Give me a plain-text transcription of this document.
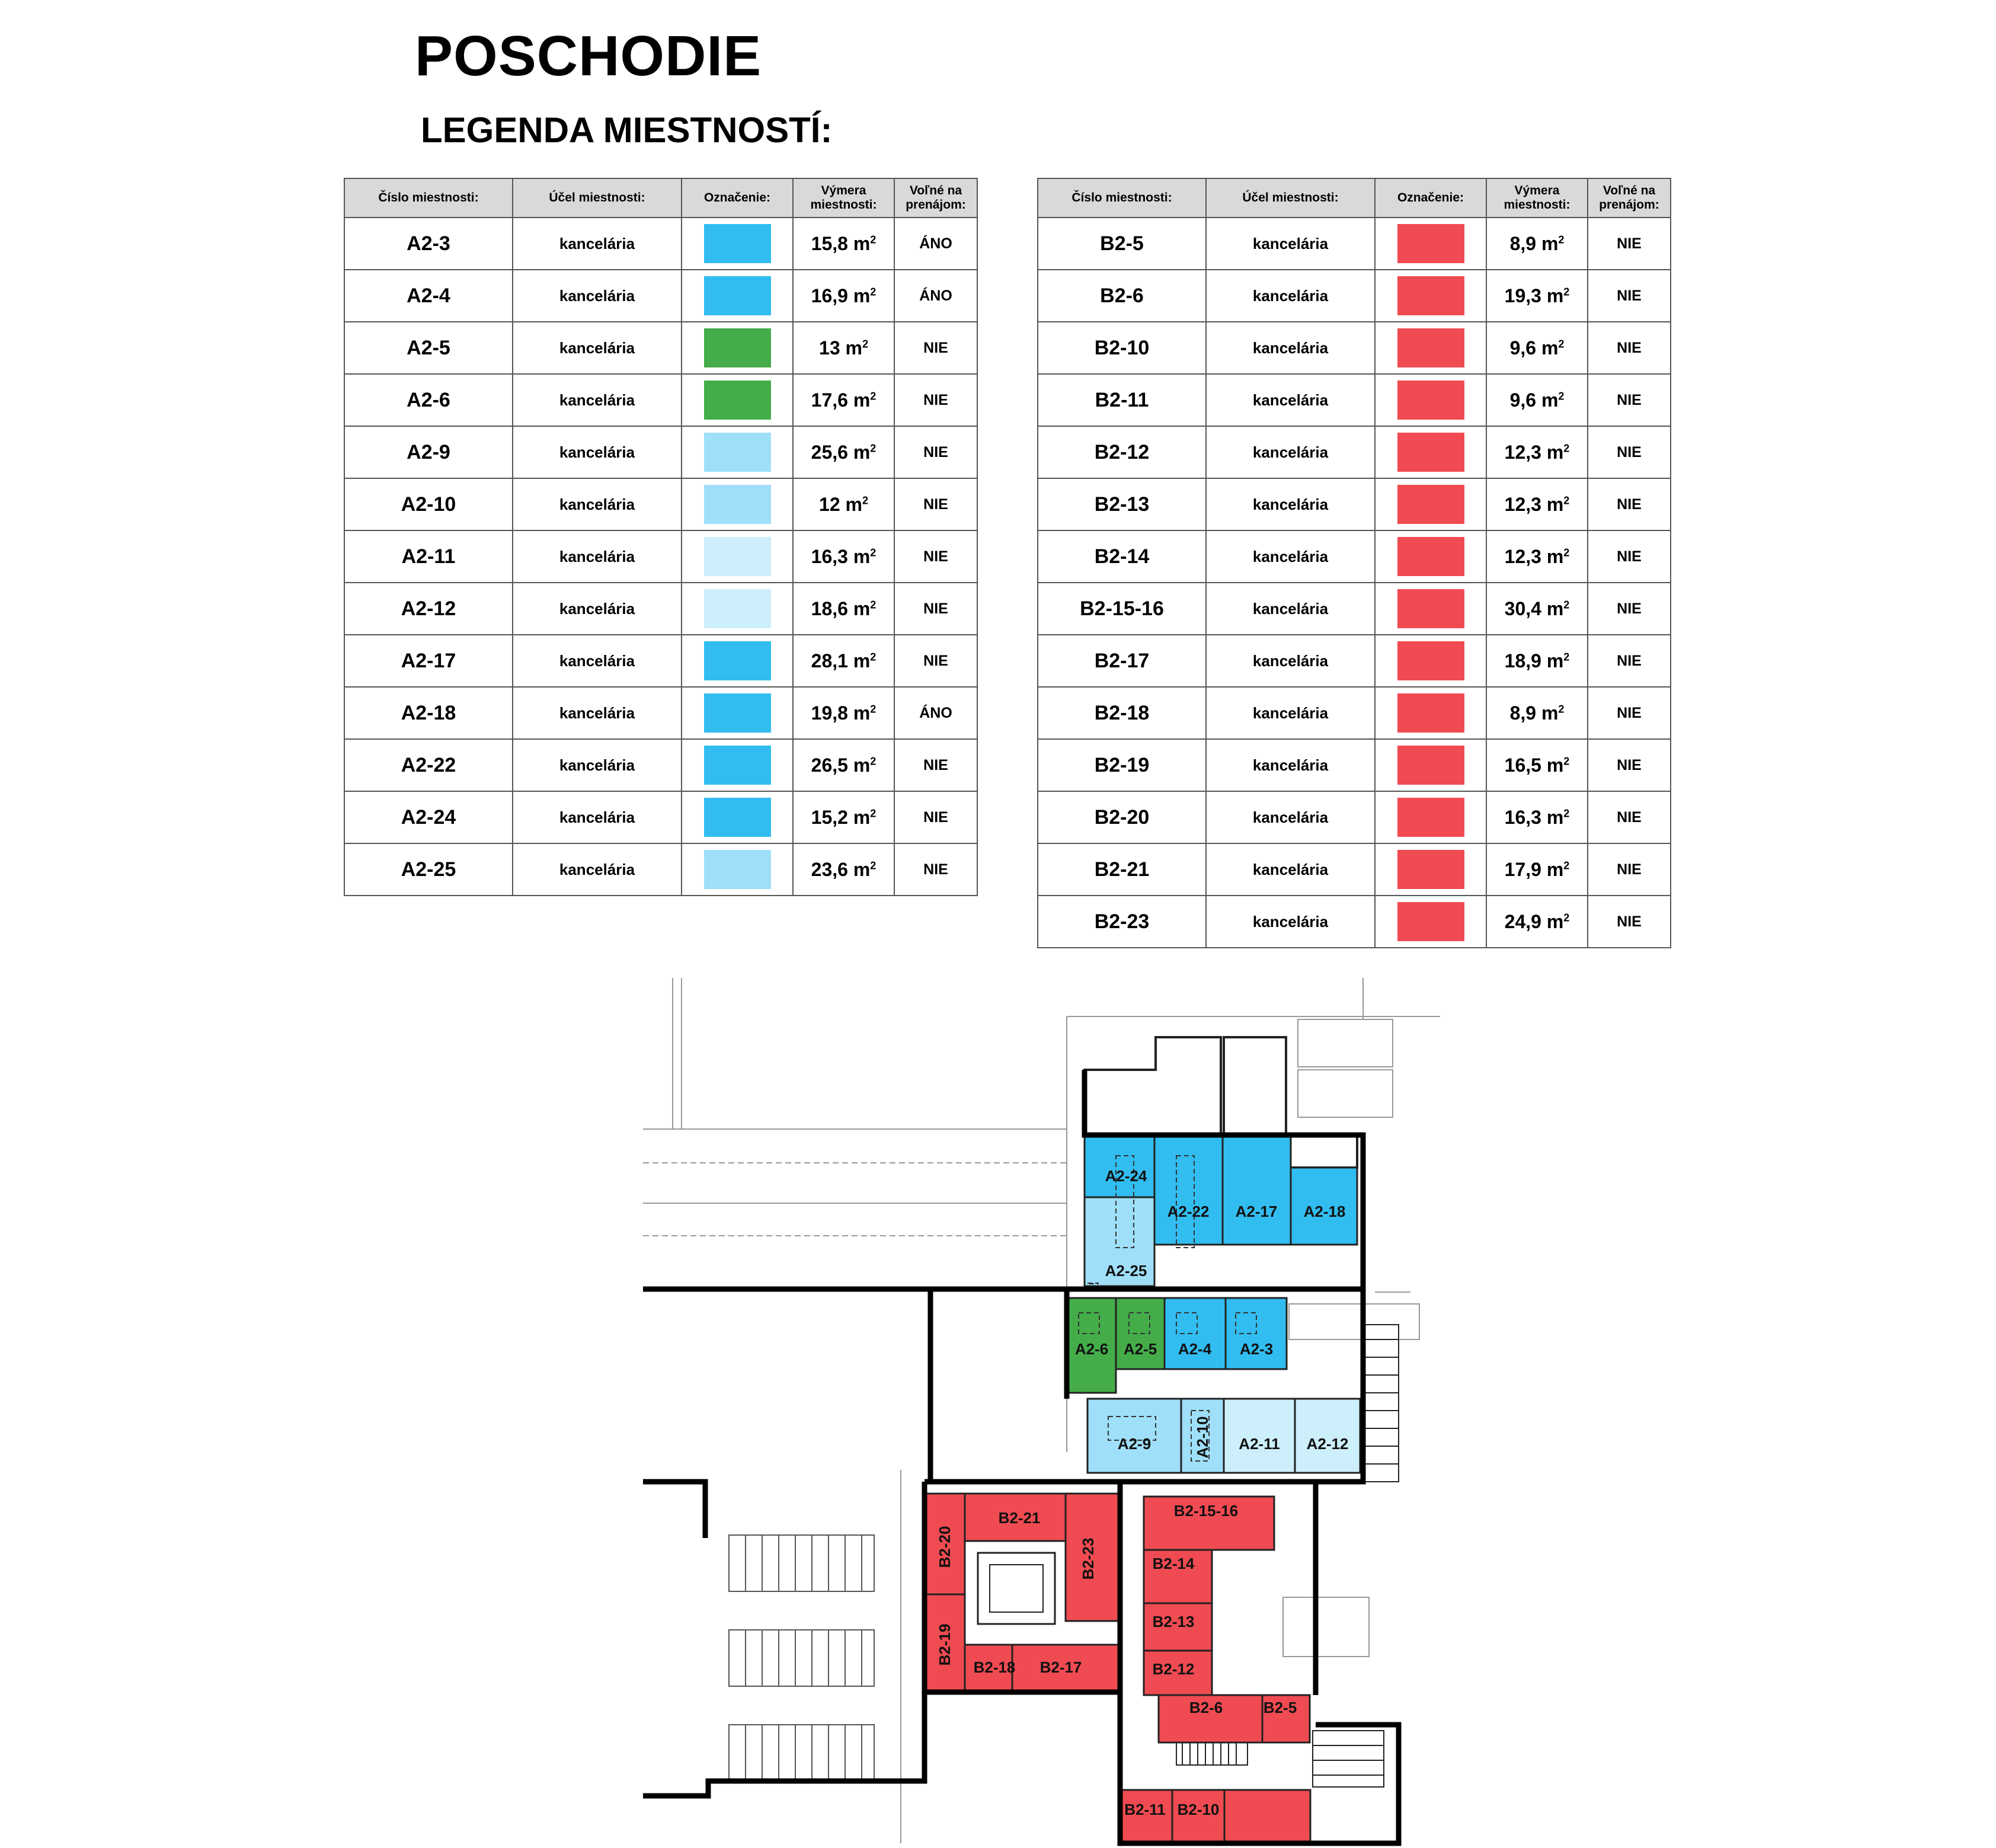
POSCHODIE
LEGENDA MIESTNOSTÍ:
Číslo miestnosti:	Účel miestnosti:	Označenie:	Výmera miestnosti:	Voľné na prenájom:
A2-3	kancelária		15,8 $m^2$	ÁNO
A2-4	kancelária		16,9 $m^2$	ÁNO
A2-5	kancelária		13 $m^2$	NIE
A2-6	kancelária		17,6 $m^2$	NIE
A2-9	kancelária		25,6 $m^2$	NIE
A2-10	kancelária		12 $m^2$	NIE
A2-11	kancelária		16,3 $m^2$	NIE
A2-12	kancelária		18,6 $m^2$	NIE
A2-17	kancelária		28,1 $m^2$	NIE
A2-18	kancelária		19,8 $m^2$	ÁNO
A2-22	kancelária		26,5 $m^2$	NIE
A2-24	kancelária		15,2 $m^2$	NIE
A2-25	kancelária		23,6 $m^2$	NIE
Číslo miestnosti:	Účel miestnosti:	Označenie:	Výmera miestnosti:	Voľné na prenájom:
B2-5	kancelária		8,9 $m^2$	NIE
B2-6	kancelária		19,3 $m^2$	NIE
B2-10	kancelária		9,6 $m^2$	NIE
B2-11	kancelária		9,6 $m^2$	NIE
B2-12	kancelária		12,3 $m^2$	NIE
B2-13	kancelária		12,3 $m^2$	NIE
B2-14	kancelária		12,3 $m^2$	NIE
B2-15-16	kancelária		30,4 $m^2$	NIE
B2-17	kancelária		18,9 $m^2$	NIE
B2-18	kancelária		8,9 $m^2$	NIE
B2-19	kancelária		16,5 $m^2$	NIE
B2-20	kancelária		16,3 $m^2$	NIE
B2-21	kancelária		17,9 $m^2$	NIE
B2-23	kancelária		24,9 $m^2$	NIE
A2-24
A2-22 A2-17 A2-18
A2-25
A2-6 A2-5 A2-4 A2-3
A2-9	A2-10 A2-11 A2-12
B2-20
B2-21
B2-23
B2-19
B2-18 B2-17
B2-15-16
B2-14
B2-13
B2-12
B2-6	B2-5
B2-11 B2-10
